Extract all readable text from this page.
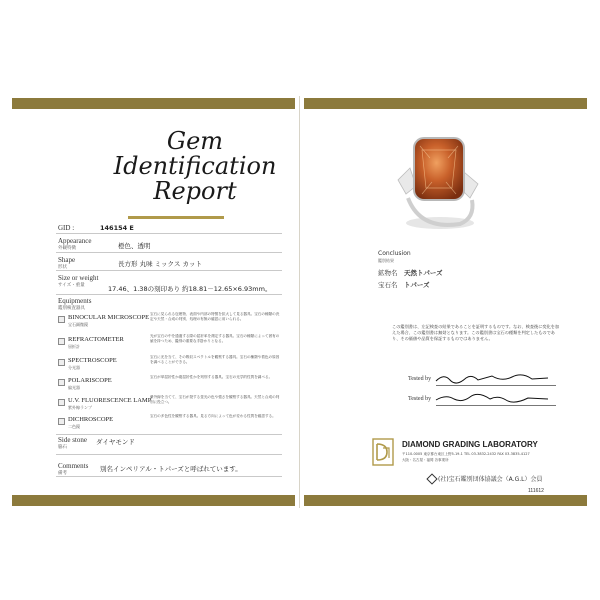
Gem
Identification
Report
GID :	146154 E
Appearance
外観特徴	橙色、透明
Shape
形状	長方形 丸味 ミックス カット
Size or weight
サイズ・重量	17.46、1.38の刻印あり 約18.81－12.65×6.93mm。
Equipments
鑑別検査器具
BINOCULAR MICROSCOPE
宝石顕微鏡
宝石に見られる包裹物、表面や内部の特徴を拡大して見る器具。宝石の種類の決定や天然・合成の判別、処理の有無の確認に用いられる。
REFRACTOMETER
屈折計
光が宝石の中を通過する際の屈折率を測定する器具。宝石の種類によって固有の値を持つため、鑑別の重要な手掛かりとなる。
SPECTROSCOPE
分光器
宝石に光を当て、その吸収スペクトルを観察する器具。宝石の種類や着色の原因を調べることができる。
POLARISCOPE
偏光器
宝石が単屈折性か複屈折性かを判別する器具。宝石の光学的性質を調べる。
U.V. FLUORESCENCE LAMP
紫外線ランプ
紫外線を当てて、宝石が発する蛍光の色や強さを観察する器具。天然と合成の判別に役立つ。
DICHROSCOPE
二色鏡
宝石の多色性を観察する器具。見る方向によって色が変わる性質を確認する。
Side stone
脇石
ダイヤモンド
Comments
備考
別名インペリアル・トパーズと呼ばれています。
Conclusion
鑑別結果
鉱物名 天然トパーズ
宝石名 トパーズ
この鑑別書は、左記検査の結果であることを証明するものです。なお、検査後に変化を加えた場合、この鑑別書は無効となります。この鑑別書は宝石の種類を判定したものであり、その価値や品質を保証するものではありません。
Tested by
Tested by
DIAMOND GRADING LABORATORY
〒110-0005 東京都台東区上野5-19-1 TEL 03-3832-2432 FAX 03-3835-4127
大阪・名古屋・福岡 各事業所
(社)宝石鑑別団体協議会（A.G.L）会員
111612
